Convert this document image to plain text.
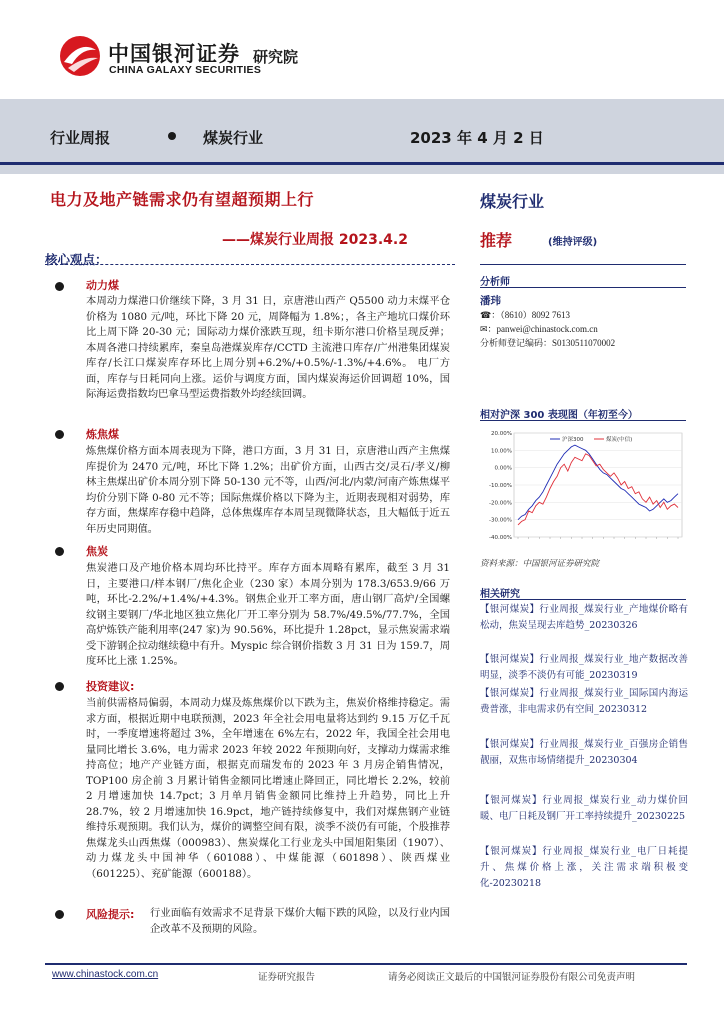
中国银河证券
CHINA GALAXY SECURITIES
研究院
行业周报	煤炭行业	2023 年 4 月 2 日
电力及地产链需求仍有望超预期上行
——煤炭行业周报 2023.4.2
核心观点：
动力煤
本周动力煤港口价继续下降，3 月 31 日，京唐港山西产 Q5500 动力末煤平仓价格为 1080 元/吨，环比下降 20 元，周降幅为 1.8%；，各主产地坑口煤价环比上周下降 20-30 元；国际动力煤价涨跌互现，纽卡斯尔港口价格呈现反弹；本周各港口持续累库，秦皇岛港煤炭库存/CCTD 主流港口库存/广州港集团煤炭库存/长江口煤炭库存环比上周分别+6.2%/+0.5%/-1.3%/+4.6%。 电厂方面，库存与日耗同向上涨。运价与调度方面，国内煤炭海运价回调超 10%，国际海运费指数均巴拿马型运费指数外均经续回调。
炼焦煤
炼焦煤价格方面本周表现为下降，港口方面，3 月 31 日，京唐港山西产主焦煤库提价为 2470 元/吨，环比下降 1.2%；出矿价方面，山西古交/灵石/孝义/柳林主焦煤出矿价本周分别下降 50-130 元不等，山西/河北/内蒙/河南产炼焦煤平均价分别下降 0-80 元不等；国际焦煤价格以下降为主，近期表现相对弱势，库存方面，焦煤库存稳中趋降，总体焦煤库存本周呈现微降状态，且大幅低于近五年历史同期值。
焦炭
焦炭港口及产地价格本周均环比持平。库存方面本周略有累库，截至 3 月 31 日，主要港口/样本钢厂/焦化企业（230 家）本周分别为 178.3/653.9/66 万吨，环比-2.2%/+1.4%/+4.3%。钢焦企业开工率方面，唐山钢厂高炉/全国螺纹钢主要钢厂/华北地区独立焦化厂开工率分别为 58.7%/49.5%/77.7%，全国高炉炼铁产能利用率(247 家)为 90.56%，环比提升 1.28pct，显示焦炭需求端受下游钢企拉动继续稳中有升。Myspic 综合钢价指数 3 月 31 日为 159.7，周度环比上涨 1.25%。
投资建议:
当前供需格局偏弱，本周动力煤及炼焦煤价以下跌为主，焦炭价格维持稳定。需求方面，根据近期中电联预测，2023 年全社会用电量将达到约 9.15 万亿千瓦时，一季度增速将超过 3%，全年增速在 6%左右，2022 年，我国全社会用电量同比增长 3.6%，电力需求 2023 年较 2022 年预期向好，支撑动力煤需求维持高位；地产产业链方面，根据克而瑞发布的 2023 年 3 月房企销售情况，TOP100 房企前 3 月累计销售金额同比增速止降回正，同比增长 2.2%，较前 2 月增速加快 14.7pct；3 月单月销售金额同比维持上升趋势，同比上升 28.7%，较 2 月增速加快 16.9pct，地产链持续修复中，我们对煤焦钢产业链维持乐观预期。我们认为，煤价的调整空间有限，淡季不淡仍有可能，个股推荐焦煤龙头山西焦煤（000983）、焦炭煤化工行业龙头中国旭阳集团（1907）、动力煤龙头中国神华（601088）、中煤能源（601898）、陕西煤业（601225）、兖矿能源（600188）。
风险提示: 行业面临有效需求不足背景下煤价大幅下跌的风险，以及行业内国企改革不及预期的风险。
煤炭行业
推荐	(维持评级)
分析师
潘玮
☎：（8610）8092 7613
✉：panwei@chinastock.com.cn
分析师登记编码：S0130511070002
相对沪深 300 表现图（年初至今）
20.00%
10.00%
0.00%
-10.00%
-20.00%
-30.00%
-40.00%
沪深300	煤炭(中信)
资料来源：中国银河证券研究院
相关研究
【银河煤炭】行业周报_煤炭行业_产地煤价略有松动，焦炭呈现去库趋势_20230326
【银河煤炭】行业周报_煤炭行业_地产数据改善明显，淡季不淡仍有可能_20230319
【银河煤炭】行业周报_煤炭行业_国际国内海运费普涨，非电需求仍有空间_20230312
【银河煤炭】行业周报_煤炭行业_百强房企销售靓丽，双焦市场情绪提升_20230304
【银河煤炭】行业周报_煤炭行业_动力煤价回暖、电厂日耗及钢厂开工率持续提升_20230225
【银河煤炭】行业周报_煤炭行业_电厂日耗提升、焦煤价格上涨，关注需求端积极变化-20230218
www.chinastock.com.cn	证券研究报告	请务必阅读正文最后的中国银河证券股份有限公司免责声明
